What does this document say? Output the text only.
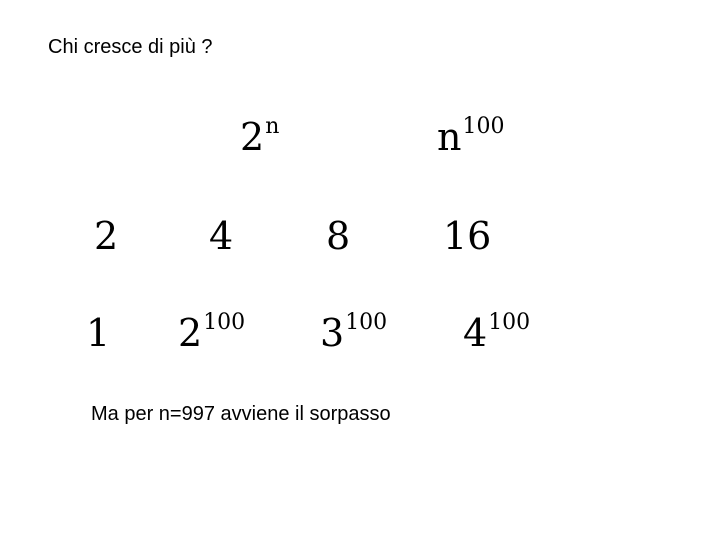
Chi cresce di più ?
2$^n$	$n^{100}$
2 4 8 16
1 $2^{100}$ $3^{100}$ $4^{100}$
Ma per n=997 avviene il sorpasso
